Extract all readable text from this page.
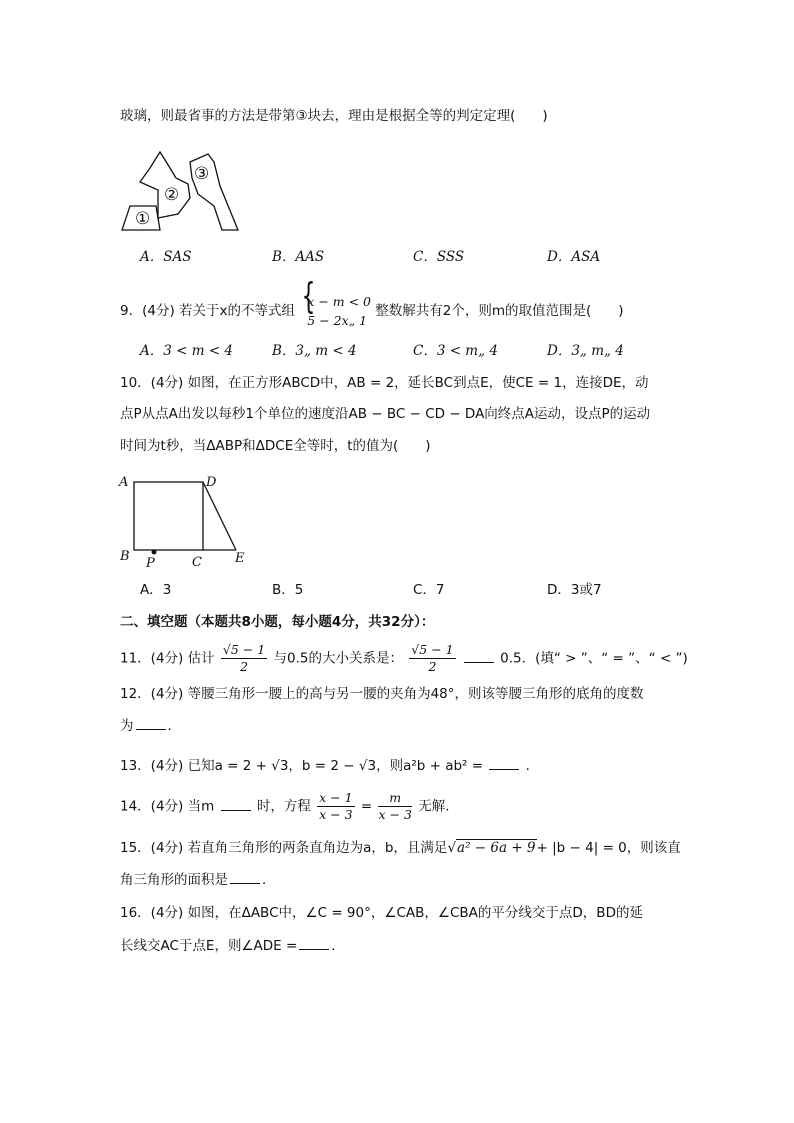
玻璃，则最省事的方法是带第③块去，理由是根据全等的判定定理(　　)
①
②
③
A．SAS	B．AAS	C．SSS	D．ASA
9．(4分) 若关于x的不等式组
{ x − m < 0
5 − 2x„ 1
整数解共有2个，则m的取值范围是(　　)
A．3 < m < 4	B．3„ m < 4	C．3 < m„ 4	D．3„ m„ 4
10．(4分) 如图，在正方形ABCD中，AB = 2，延长BC到点E，使CE = 1，连接DE，动
点P从点A出发以每秒1个单位的速度沿AB − BC − CD − DA向终点A运动，设点P的运动
时间为t秒，当ΔABP和ΔDCE全等时，t的值为(　　)
A	D
B P	C	E
A．3	B．5	C．7	D．3或7
二、填空题（本题共8小题，每小题4分，共32分）：
11．(4分) 估计 $\frac{√5 - 1}{2}$ 与0.5的大小关系是： $\frac{√5 - 1}{2}$	0.5．(填“ > ”、“ = ”、“ < ”)
12．(4分) 等腰三角形一腰上的高与另一腰的夹角为48°，则该等腰三角形的底角的度数
为	．
13．(4分) 已知a = 2 + √3，b = 2 − √3，则a²b + ab² =	．
14．(4分) 当m	时，方程 $\frac{x - 1}{x - 3} = \frac{m}{x - 3}$ 无解．
15．(4分) 若直角三角形的两条直角边为a，b，且满足√a² − 6a + 9+ |b − 4| = 0，则该直
角三角形的面积是	．
16．(4分) 如图，在ΔABC中，∠C = 90°，∠CAB，∠CBA的平分线交于点D，BD的延
长线交AC于点E，则∠ADE =	．
